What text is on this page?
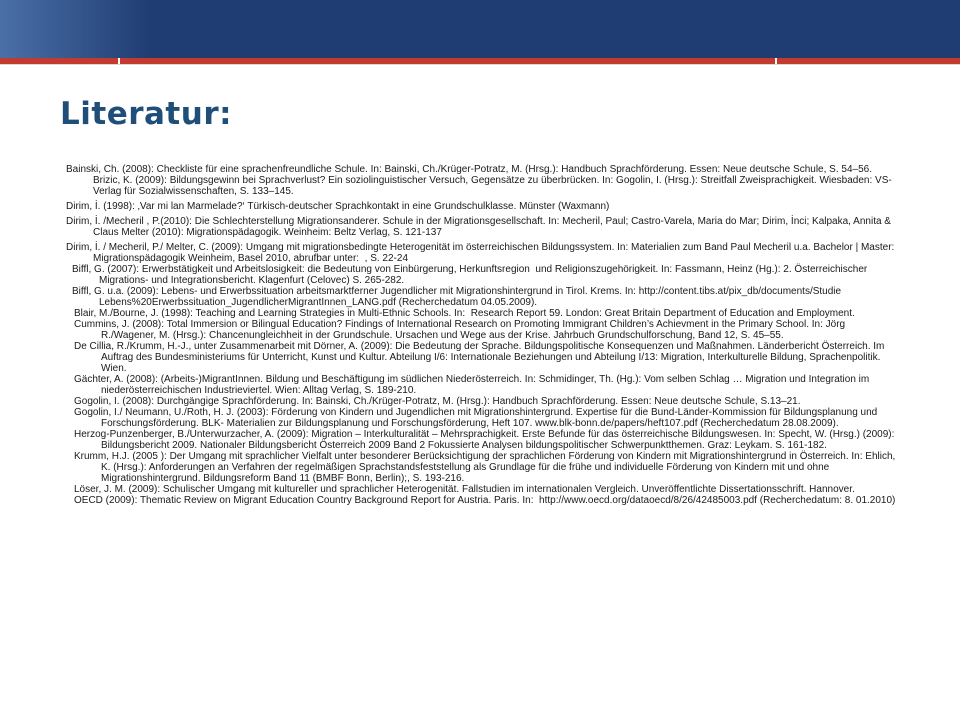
Literatur:

Bainski, Ch. (2008): Checkliste für eine sprachenfreundliche Schule. In: Bainski, Ch./Krüger-Potratz, M. (Hrsg.): Handbuch Sprachförderung. Essen: Neue deutsche Schule, S. 54–56. Brizic, K. (2009): Bildungsgewinn bei Sprachverlust? Ein soziolinguistischer Versuch, Gegensätze zu überbrücken. In: Gogolin, I. (Hrsg.): Streitfall Zweisprachigkeit. Wiesbaden: VS- Verlag für Sozialwissenschaften, S. 133–145.

Dirim, İ. (1998): ‚Var mi lan Marmelade?‘ Türkisch-deutscher Sprachkontakt in eine Grundschulklasse. Münster (Waxmann)

Dirim, İ. /Mecheril , P.(2010): Die Schlechterstellung Migrationsanderer. Schule in der Migrationsgesellschaft. In: Mecheril, Paul; Castro-Varela, Maria do Mar; Dirim, İnci; Kalpaka, Annita & Claus Melter (2010): Migrationspädagogik. Weinheim: Beltz Verlag, S. 121-137

Dirim, İ. / Mecheril, P./ Melter, C. (2009): Umgang mit migrationsbedingte Heterogenität im österreichischen Bildungssystem. In: Materialien zum Band Paul Mecheril u.a. Bachelor | Master: Migrationspädagogik Weinheim, Basel 2010, abrufbar unter:  , S. 22-24

Biffl, G. (2007): Erwerbstätigkeit und Arbeitslosigkeit: die Bedeutung von Einbürgerung, Herkunftsregion  und Religionszugehörigkeit. In: Fassmann, Heinz (Hg.): 2. Österreichischer Migrations- und Integrationsbericht. Klagenfurt (Celovec) S. 265-282.

Biffl, G. u.a. (2009): Lebens- und Erwerbssituation arbeitsmarktferner Jugendlicher mit Migrationshintergrund in Tirol. Krems. In: http://content.tibs.at/pix_db/documents/Studie Lebens%20Erwerbssituation_JugendlicherMigrantInnen_LANG.pdf (Recherchedatum 04.05.2009).

Blair, M./Bourne, J. (1998): Teaching and Learning Strategies in Multi-Ethnic Schools. In:  Research Report 59. London: Great Britain Department of Education and Employment.

Cummins, J. (2008): Total Immersion or Bilingual Education? Findings of International Research on Promoting Immigrant Children’s Achievment in the Primary School. In: Jörg R./Wagener, M. (Hrsg.): Chancenungleichheit in der Grundschule. Ursachen und Wege aus der Krise. Jahrbuch Grundschulforschung, Band 12, S. 45–55.

De Cillia, R./Krumm, H.-J., unter Zusammenarbeit mit Dörner, A. (2009): Die Bedeutung der Sprache. Bildungspolitische Konsequenzen und Maßnahmen. Länderbericht Österreich. Im Auftrag des Bundesministeriums für Unterricht, Kunst und Kultur. Abteilung I/6: Internationale Beziehungen und Abteilung I/13: Migration, Interkulturelle Bildung, Sprachenpolitik. Wien.

Gächter, A. (2008): (Arbeits-)MigrantInnen. Bildung und Beschäftigung im südlichen Niederösterreich. In: Schmidinger, Th. (Hg.): Vom selben Schlag … Migration und Integration im niederösterreichischen Industrieviertel. Wien: Alltag Verlag, S. 189-210.

Gogolin, I. (2008): Durchgängige Sprachförderung. In: Bainski, Ch./Krüger-Potratz, M. (Hrsg.): Handbuch Sprachförderung. Essen: Neue deutsche Schule, S.13–21.

Gogolin, I./ Neumann, U./Roth, H. J. (2003): Förderung von Kindern und Jugendlichen mit Migrationshintergrund. Expertise für die Bund-Länder-Kommission für Bildungsplanung und Forschungsförderung. BLK- Materialien zur Bildungsplanung und Forschungsförderung, Heft 107. www.blk-bonn.de/papers/heft107.pdf (Recherchedatum 28.08.2009).

Herzog-Punzenberger, B./Unterwurzacher, A. (2009): Migration – Interkulturalität – Mehrsprachigkeit. Erste Befunde für das österreichische Bildungswesen. In: Specht, W. (Hrsg.) (2009): Bildungsbericht 2009. Nationaler Bildungsbericht Österreich 2009 Band 2 Fokussierte Analysen bildungspolitischer Schwerpunktthemen. Graz: Leykam. S. 161-182.

Krumm, H.J. (2005 ): Der Umgang mit sprachlicher Vielfalt unter besonderer Berücksichtigung der sprachlichen Förderung von Kindern mit Migrationshintergrund in Österreich. In: Ehlich, K. (Hrsg.): Anforderungen an Verfahren der regelmäßigen Sprachstandsfeststellung als Grundlage für die frühe und individuelle Förderung von Kindern mit und ohne Migrationshintergrund. Bildungsreform Band 11 (BMBF Bonn, Berlin);, S. 193-216.

Löser, J. M. (2009): Schulischer Umgang mit kultureller und sprachlicher Heterogenität. Fallstudien im internationalen Vergleich. Unveröffentlichte Dissertationsschrift. Hannover.

OECD (2009): Thematic Review on Migrant Education Country Background Report for Austria. Paris. In:  http://www.oecd.org/dataoecd/8/26/42485003.pdf (Recherchedatum: 8. 01.2010)
